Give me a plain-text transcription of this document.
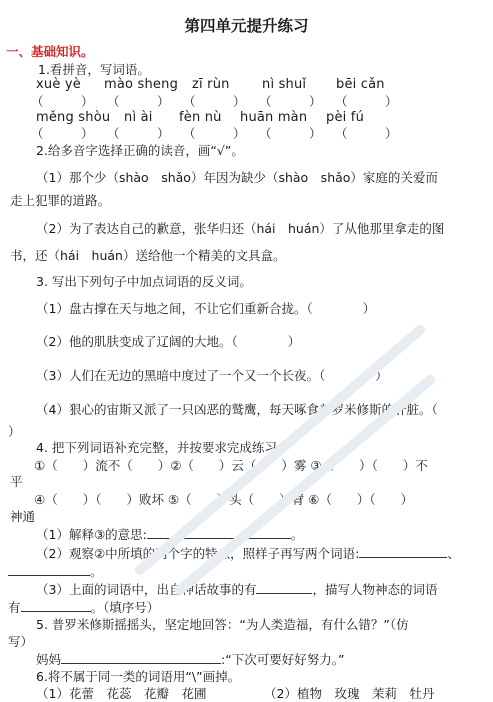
第四单元提升练习
一、基础知识。
1.看拼音，写词语。
xuè yè mào sheng zī rùn nì shuǐ bēi cǎn
（　　　） （　　　） （　　　） （　　　） （　　　）
měng shòu nì ài fèn nù huān màn pèi fú
（　　　） （　　　） （　　　） （　　　） （　　　）
2.给多音字选择正确的读音，画“√”。
（1）那个少（shào　shǎo）年因为缺少（shào　shǎo）家庭的关爱而
走上犯罪的道路。
（2）为了表达自己的歉意，张华归还（hái　huán）了从他那里拿走的图
书，还（hái　huán）送给他一个精美的文具盒。
3. 写出下列句子中加点词语的反义词。
（1）盘古撑在天与地之间，不让它们重新合拢。（　　　　）
（2）他的肌肤变成了辽阔的大地。（　　　　）
（3）人们在无边的黑暗中度过了一个又一个长夜。（　　　　）
（4）狠心的宙斯又派了一只凶恶的鹫鹰，每天啄食普罗米修斯的肝脏。（
）
4. 把下列词语补充完整，并按要求完成练习。
①（　　）流不（　　）②（　　）云（　　）雾 ③（　　）（　　）不
平
④（　　）（　　）败坏 ⑤（　　）头（　　）臂 ⑥（　　）（　　）
神通
（1）解释③的意思:	。
（2）观察②中所填的两个字的特点，照样子再写两个词语:	、
。
（3）上面的词语中，出自神话故事的有	，描写人物神态的词语
有	。（填序号）
5. 普罗米修斯摇摇头，坚定地回答：“为人类造福，有什么错？”（仿
写）
妈妈	:“下次可要好好努力。”
6.将不属于同一类的词语用“\”画掉。
（1）花蕾　花蕊　花瓣　花圃	（2）植物　玫瑰　茉莉　牡丹
